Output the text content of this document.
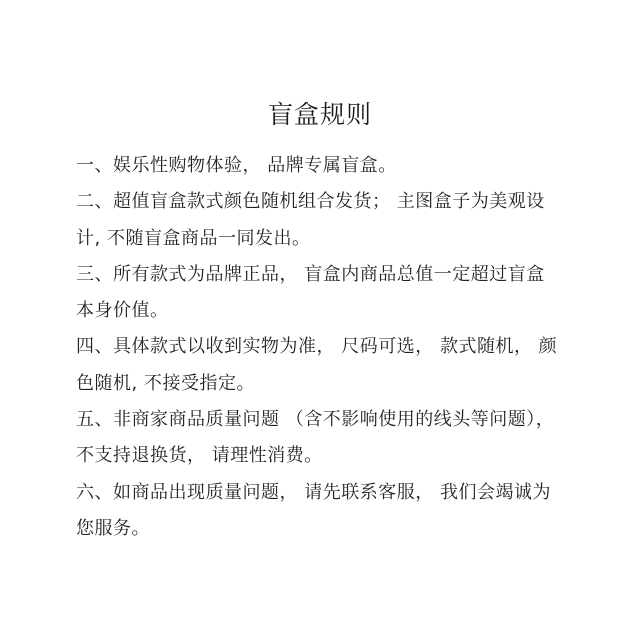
盲盒规则
一、娱乐性购物体验， 品牌专属盲盒。
二、超值盲盒款式颜色随机组合发货； 主图盒子为美观设
计, 不随盲盒商品一同发出。
三、所有款式为品牌正品， 盲盒内商品总值一定超过盲盒
本身价值。
四、具体款式以收到实物为准， 尺码可选， 款式随机， 颜
色随机, 不接受指定。
五、非商家商品质量问题 （含不影响使用的线头等问题），
不支持退换货， 请理性消费。
六、如商品出现质量问题， 请先联系客服， 我们会竭诚为
您服务。
